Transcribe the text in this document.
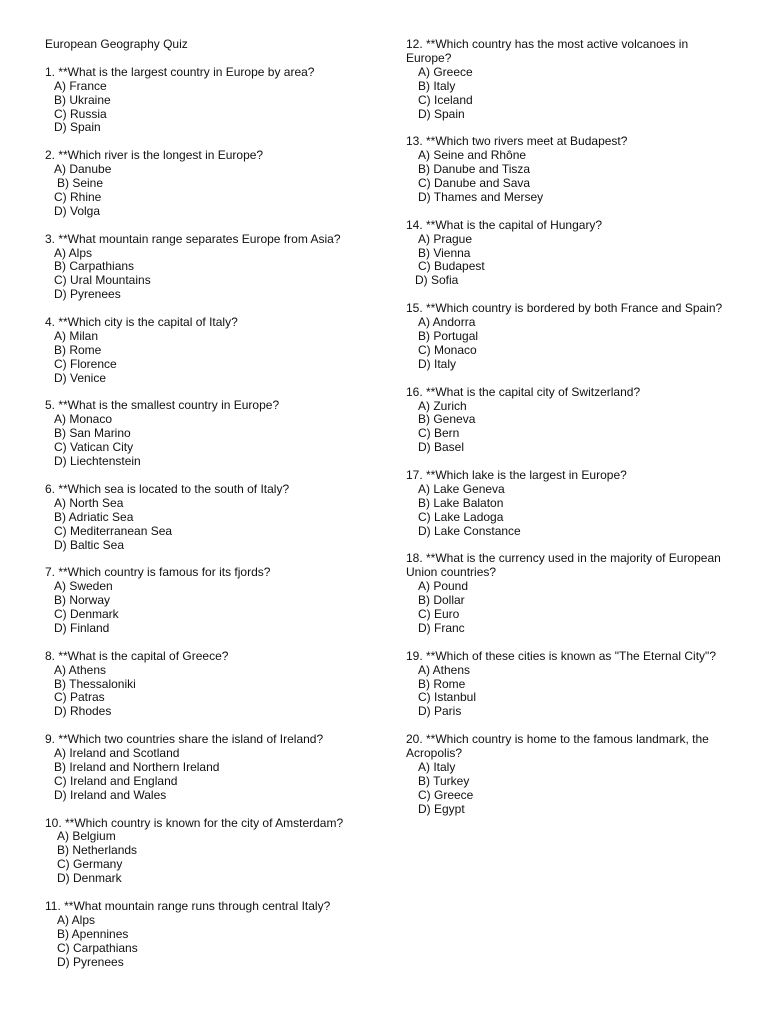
European Geography Quiz
1. **What is the largest country in Europe by area?
A) France
B) Ukraine
C) Russia
D) Spain
2. **Which river is the longest in Europe?
A) Danube
B) Seine
C) Rhine
D) Volga
3. **What mountain range separates Europe from Asia?
A) Alps
B) Carpathians
C) Ural Mountains
D) Pyrenees
4. **Which city is the capital of Italy?
A) Milan
B) Rome
C) Florence
D) Venice
5. **What is the smallest country in Europe?
A) Monaco
B) San Marino
C) Vatican City
D) Liechtenstein
6. **Which sea is located to the south of Italy?
A) North Sea
B) Adriatic Sea
C) Mediterranean Sea
D) Baltic Sea
7. **Which country is famous for its fjords?
A) Sweden
B) Norway
C) Denmark
D) Finland
8. **What is the capital of Greece?
A) Athens
B) Thessaloniki
C) Patras
D) Rhodes
9. **Which two countries share the island of Ireland?
A) Ireland and Scotland
B) Ireland and Northern Ireland
C) Ireland and England
D) Ireland and Wales
10. **Which country is known for the city of Amsterdam?
A) Belgium
B) Netherlands
C) Germany
D) Denmark
11. **What mountain range runs through central Italy?
A) Alps
B) Apennines
C) Carpathians
D) Pyrenees
12. **Which country has the most active volcanoes in Europe?
A) Greece
B) Italy
C) Iceland
D) Spain
13. **Which two rivers meet at Budapest?
A) Seine and Rhône
B) Danube and Tisza
C) Danube and Sava
D) Thames and Mersey
14. **What is the capital of Hungary?
A) Prague
B) Vienna
C) Budapest
D) Sofia
15. **Which country is bordered by both France and Spain?
A) Andorra
B) Portugal
C) Monaco
D) Italy
16. **What is the capital city of Switzerland?
A) Zurich
B) Geneva
C) Bern
D) Basel
17. **Which lake is the largest in Europe?
A) Lake Geneva
B) Lake Balaton
C) Lake Ladoga
D) Lake Constance
18. **What is the currency used in the majority of European Union countries?
A) Pound
B) Dollar
C) Euro
D) Franc
19. **Which of these cities is known as "The Eternal City"?
A) Athens
B) Rome
C) Istanbul
D) Paris
20. **Which country is home to the famous landmark, the Acropolis?
A) Italy
B) Turkey
C) Greece
D) Egypt
